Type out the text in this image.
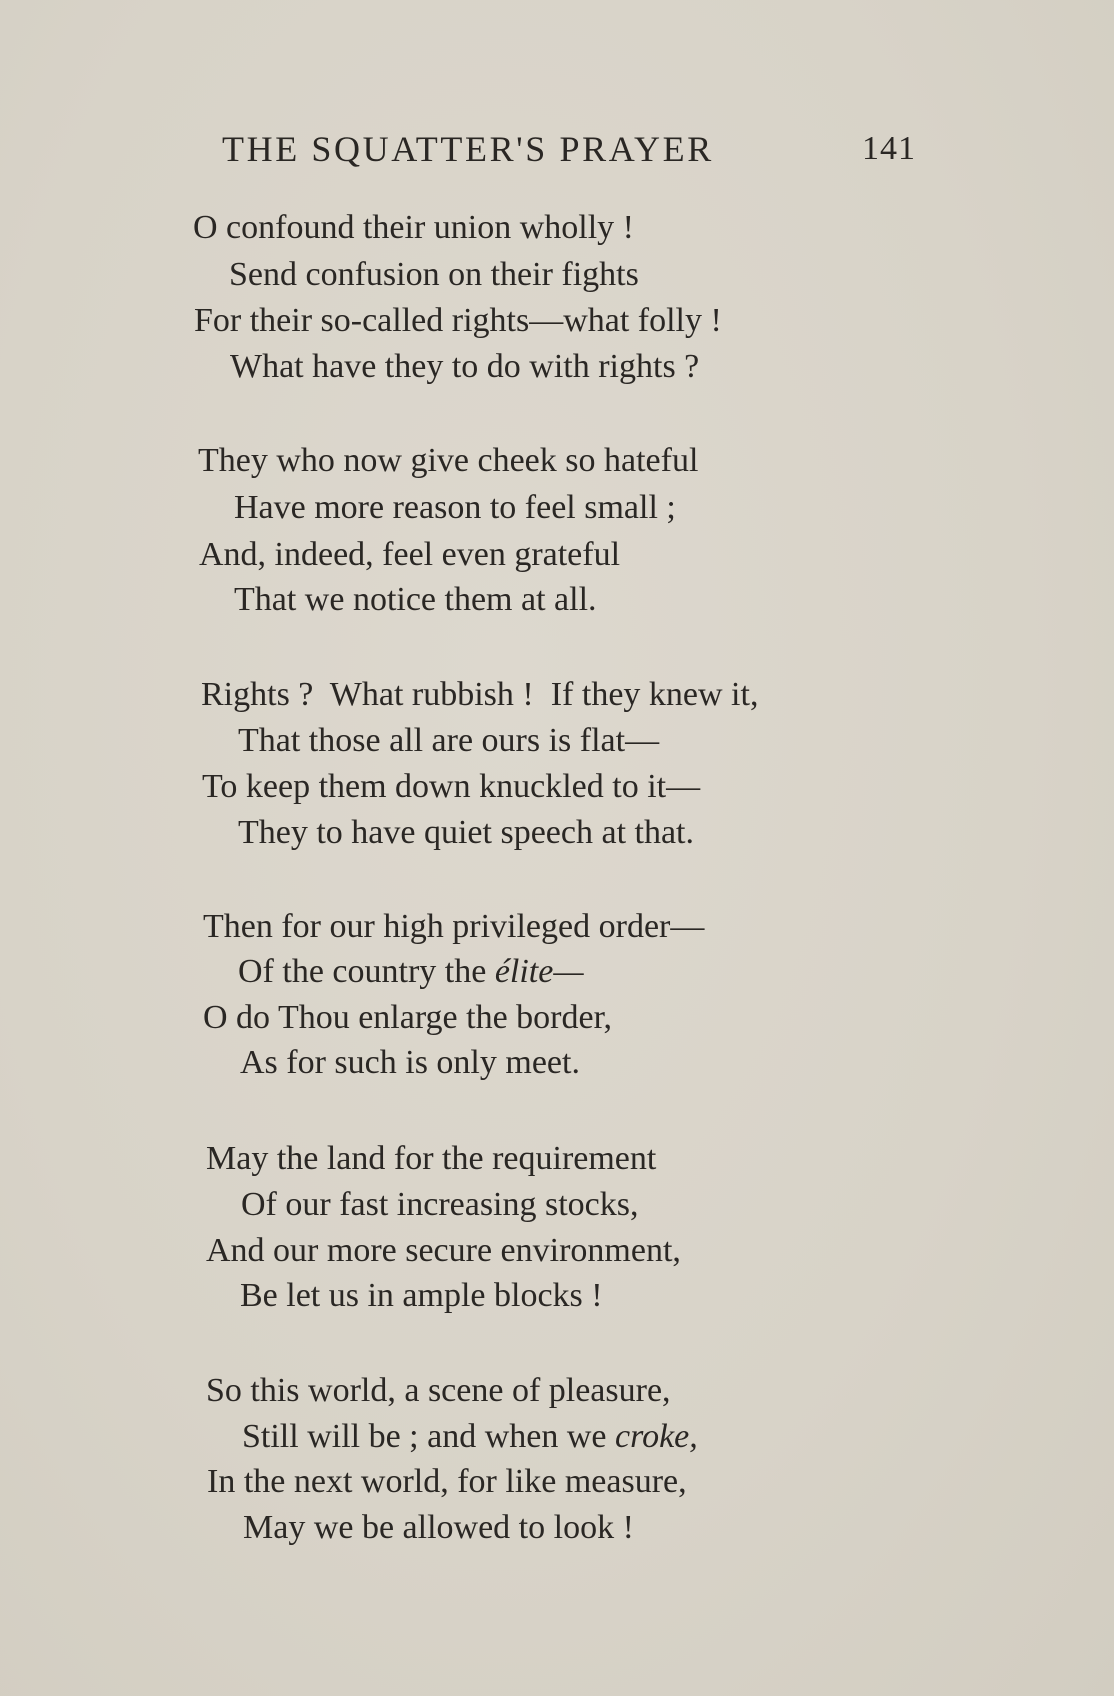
THE SQUATTER'S PRAYER	141
O confound their union wholly !
Send confusion on their fights
For their so-called rights—what folly !
What have they to do with rights ?
They who now give cheek so hateful
Have more reason to feel small ;
And, indeed, feel even grateful
That we notice them at all.
Rights ?  What rubbish !  If they knew it,
That those all are ours is flat—
To keep them down knuckled to it—
They to have quiet speech at that.
Then for our high privileged order—
Of the country the élite—
O do Thou enlarge the border,
As for such is only meet.
May the land for the requirement
Of our fast increasing stocks,
And our more secure environment,
Be let us in ample blocks !
So this world, a scene of pleasure,
Still will be ; and when we croke,
In the next world, for like measure,
May we be allowed to look !
